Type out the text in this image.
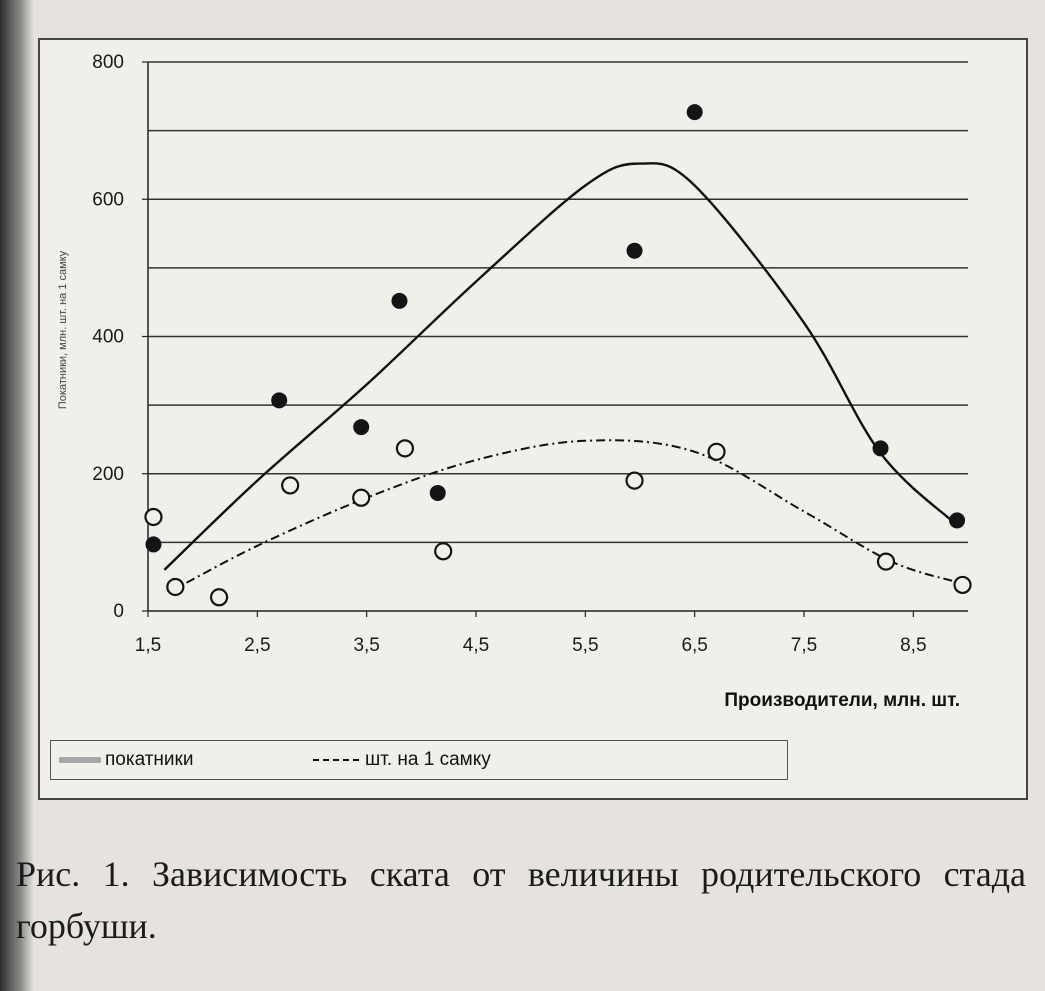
0
200
400
600
800
1,5	2,5	3,5	4,5	5,5	6,5	7,5	8,5
Покатники, млн. шт. на 1 самку
Производители, млн. шт.
покатники	шт. на 1 самку
Рис. 1. Зависимость ската от величины родительского стада горбуши.
